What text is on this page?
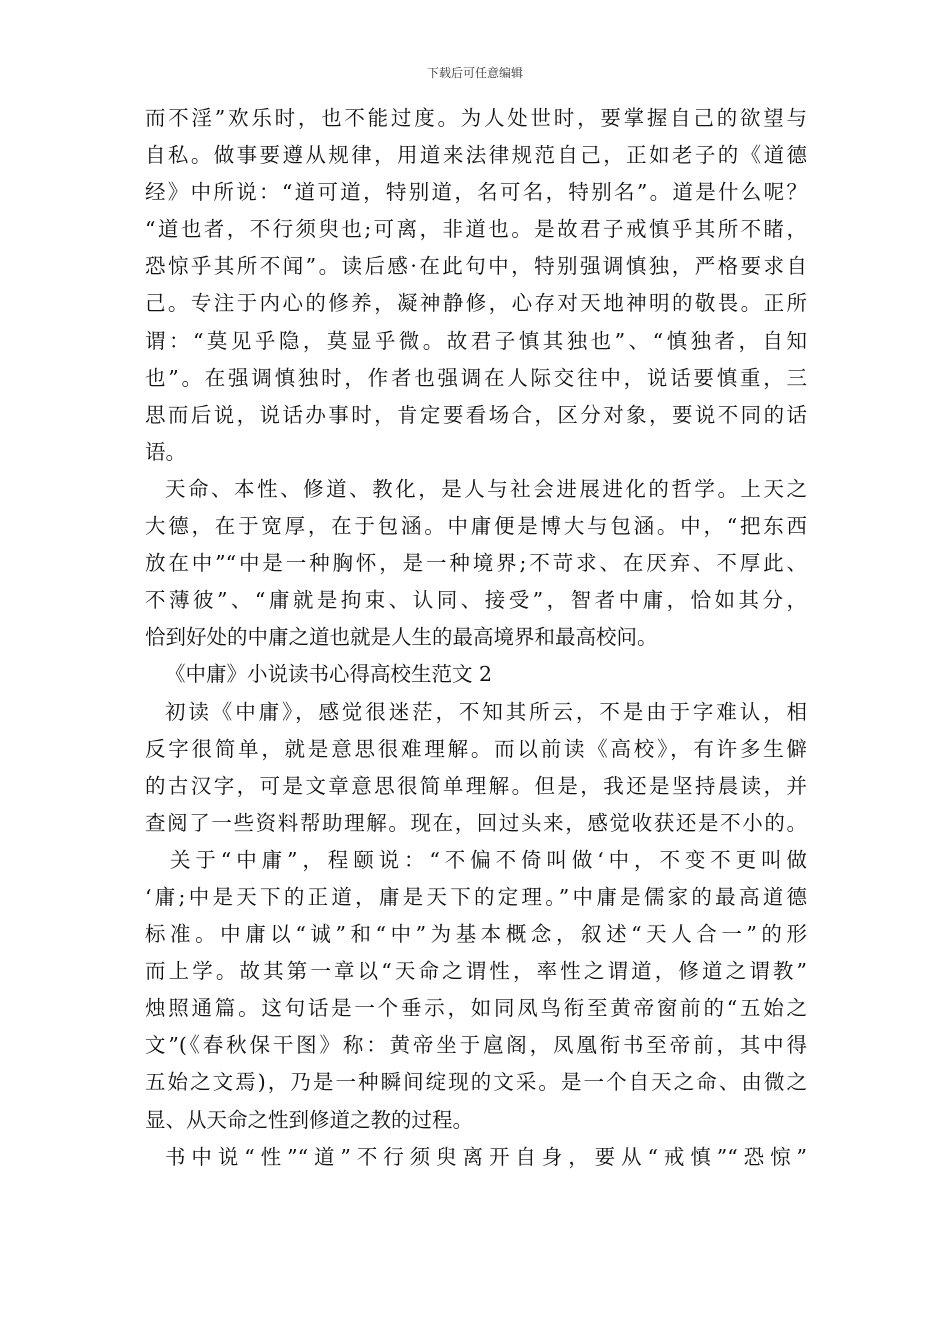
下载后可任意编辑
而不淫”欢乐时，也不能过度。为人处世时，要掌握自己的欲望与
自私。做事要遵从规律，用道来法律规范自己，正如老子的《道德
经》中所说：“道可道，特别道，名可名，特别名”。道是什么呢？
“道也者，不行须臾也;可离，非道也。是故君子戒慎乎其所不睹，
恐惊乎其所不闻”。读后感·在此句中，特别强调慎独，严格要求自
己。专注于内心的修养，凝神静修，心存对天地神明的敬畏。正所
谓：“莫见乎隐，莫显乎微。故君子慎其独也”、“慎独者，自知
也”。在强调慎独时，作者也强调在人际交往中，说话要慎重，三
思而后说，说话办事时，肯定要看场合，区分对象，要说不同的话
语。
天命、本性、修道、教化，是人与社会进展进化的哲学。上天之
大德，在于宽厚，在于包涵。中庸便是博大与包涵。中，“把东西
放在中”“中是一种胸怀，是一种境界;不苛求、在厌弃、不厚此、
不薄彼”、“庸就是拘束、认同、接受”，智者中庸，恰如其分，
恰到好处的中庸之道也就是人生的最高境界和最高校问。
《中庸》小说读书心得高校生范文 2
初读《中庸》，感觉很迷茫，不知其所云，不是由于字难认，相
反字很简单，就是意思很难理解。而以前读《高校》，有许多生僻
的古汉字，可是文章意思很简单理解。但是，我还是坚持晨读，并
查阅了一些资料帮助理解。现在，回过头来，感觉收获还是不小的。
关于“中庸”，程颐说：“不偏不倚叫做‘中，不变不更叫做
‘庸;中是天下的正道，庸是天下的定理。”中庸是儒家的最高道德
标准。中庸以“诚”和“中”为基本概念，叙述“天人合一”的形
而上学。故其第一章以“天命之谓性，率性之谓道，修道之谓教”
烛照通篇。这句话是一个垂示，如同凤鸟衔至黄帝窗前的“五始之
文”(《春秋保干图》称：黄帝坐于扈阁，凤凰衔书至帝前，其中得
五始之文焉)，乃是一种瞬间绽现的文采。是一个自天之命、由微之
显、从天命之性到修道之教的过程。
书中说“性”“道”不行须臾离开自身，要从“戒慎”“恐惊”
